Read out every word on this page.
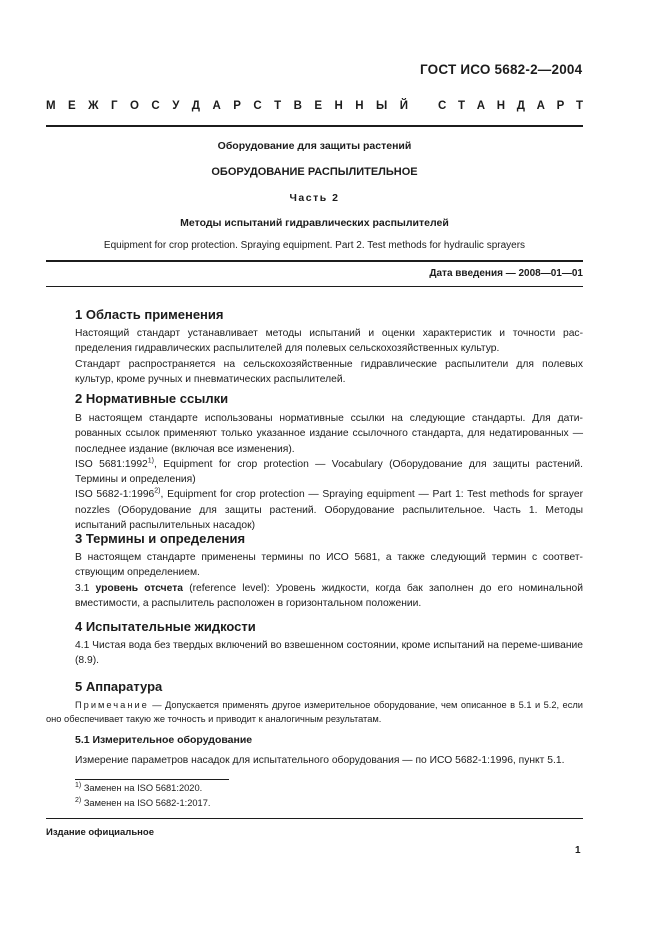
ГОСТ ИСО 5682-2—2004
М Е Ж Г О С У Д А Р С Т В Е Н Н Ы Й	С Т А Н Д А Р Т
Оборудование для защиты растений
ОБОРУДОВАНИЕ РАСПЫЛИТЕЛЬНОЕ
Часть 2
Методы испытаний гидравлических распылителей
Equipment for crop protection. Spraying equipment. Part 2. Test methods for hydraulic sprayers
Дата введения — 2008—01—01
1 Область применения

Настоящий стандарт устанавливает методы испытаний и оценки характеристик и точности рас-пределения гидравлических распылителей для полевых сельскохозяйственных культур.

Стандарт распространяется на сельскохозяйственные гидравлические распылители для полевых культур, кроме ручных и пневматических распылителей.

2 Нормативные ссылки

В настоящем стандарте использованы нормативные ссылки на следующие стандарты. Для дати-рованных ссылок применяют только указанное издание ссылочного стандарта, для недатированных — последнее издание (включая все изменения).

ISO 5681:1992$^{1)}$, Equipment for crop protection — Vocabulary (Оборудование для защиты растений. Термины и определения)

ISO 5682-1:1996$^{2)}$, Equipment for crop protection — Spraying equipment — Part 1: Test methods for sprayer nozzles (Оборудование для защиты растений. Оборудование распылительное. Часть 1. Методы испытаний распылительных насадок)

3 Термины и определения

В настоящем стандарте применены термины по ИСО 5681, а также следующий термин с соответ-ствующим определением.

3.1 уровень отсчета (reference level): Уровень жидкости, когда бак заполнен до его номинальной вместимости, а распылитель расположен в горизонтальном положении.

4 Испытательные жидкости

4.1 Чистая вода без твердых включений во взвешенном состоянии, кроме испытаний на переме-шивание (8.9).

5 Аппаратура
Примечание — Допускается применять другое измерительное оборудование, чем описанное в 5.1 и 5.2, если оно обеспечивает такую же точность и приводит к аналогичным результатам.
5.1 Измерительное оборудование

Измерение параметров насадок для испытательного оборудования — по ИСО 5682-1:1996, пункт 5.1.

$^{1)}$ Заменен на ISO 5681:2020.
$^{2)}$ Заменен на ISO 5682-1:2017.
Издание официальное
1
